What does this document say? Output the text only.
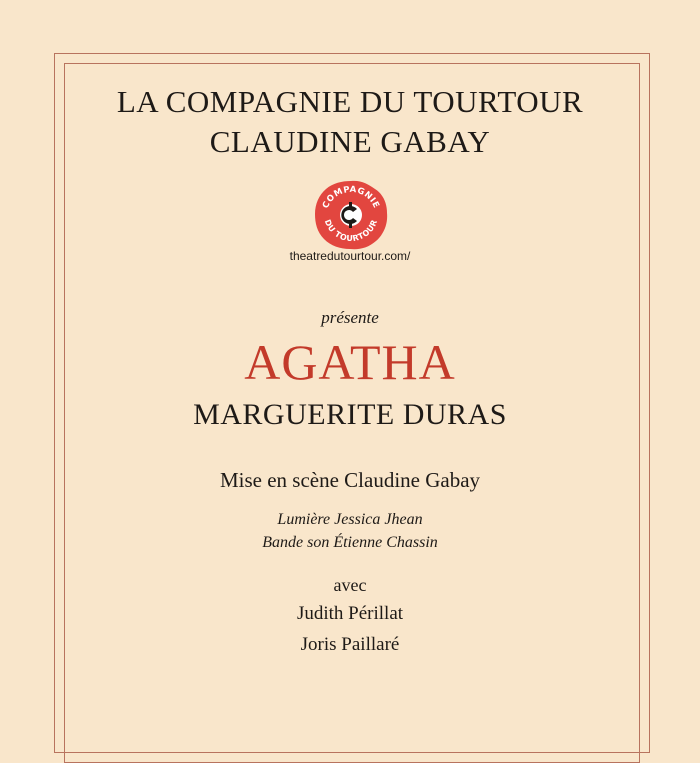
LA COMPAGNIE DU TOURTOUR
CLAUDINE GABAY
COMPAGNIE
DU TOURTOUR
theatredutourtour.com/
présente
AGATHA
MARGUERITE DURAS
Mise en scène Claudine Gabay
Lumière Jessica Jhean
Bande son Étienne Chassin
avec
Judith Périllat
Joris Paillaré
